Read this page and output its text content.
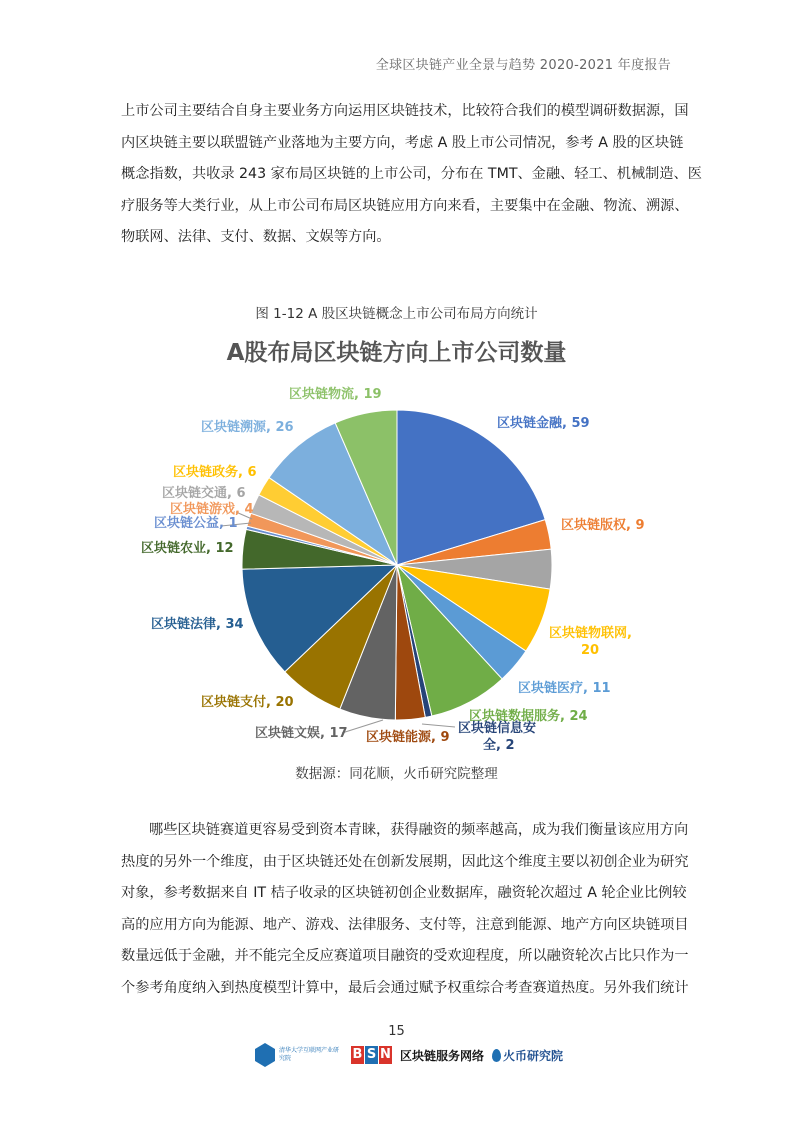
全球区块链产业全景与趋势 2020-2021 年度报告

上市公司主要结合自身主要业务方向运用区块链技术，比较符合我们的模型调研数据源，国
内区块链主要以联盟链产业落地为主要方向，考虑 A 股上市公司情况，参考 A 股的区块链
概念指数，共收录 243 家布局区块链的上市公司，分布在 TMT、金融、轻工、机械制造、医
疗服务等大类行业，从上市公司布局区块链应用方向来看，主要集中在金融、物流、溯源、
物联网、法律、支付、数据、文娱等方向。

图 1-12 A 股区块链概念上市公司布局方向统计
A股布局区块链方向上市公司数量
区块链金融, 59
区块链版权, 9
区块链物联网, 20
区块链医疗, 11
区块链数据服务, 24
区块链信息安全, 2
区块链能源, 9
区块链文娱, 17
区块链支付, 20
区块链法律, 34
区块链农业, 12
区块链公益, 1
区块链游戏, 4
区块链交通, 6
区块链政务, 6
区块链溯源, 26
区块链物流, 19
数据源：同花顺，火币研究院整理

哪些区块链赛道更容易受到资本青睐，获得融资的频率越高，成为我们衡量该应用方向
热度的另外一个维度，由于区块链还处在创新发展期，因此这个维度主要以初创企业为研究
对象，参考数据来自 IT 桔子收录的区块链初创企业数据库，融资轮次超过 A 轮企业比例较
高的应用方向为能源、地产、游戏、法律服务、支付等，注意到能源、地产方向区块链项目
数量远低于金融，并不能完全反应赛道项目融资的受欢迎程度，所以融资轮次占比只作为一
个参考角度纳入到热度模型计算中，最后会通过赋予权重综合考查赛道热度。另外我们统计

15
清华大学互联网产业研究院	B S N 区块链服务网络 火币研究院
